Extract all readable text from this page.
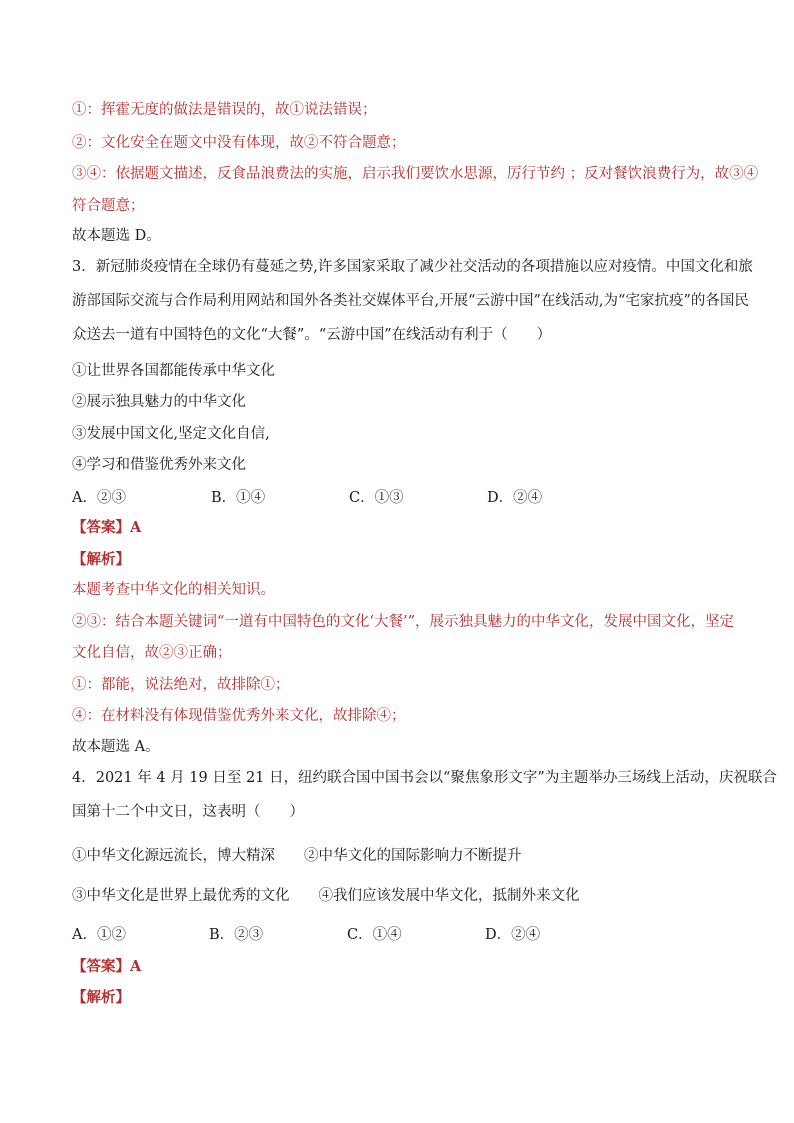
①：挥霍无度的做法是错误的，故①说法错误；
②：文化安全在题文中没有体现，故②不符合题意；
③④：依据题文描述，反食品浪费法的实施，启示我们要饮水思源，厉行节约 ；反对餐饮浪费行为，故③④
符合题意；
故本题选 D。
3．新冠肺炎疫情在全球仍有蔓延之势,许多国家采取了减少社交活动的各项措施以应对疫情。中国文化和旅
游部国际交流与合作局利用网站和国外各类社交媒体平台,开展“云游中国”在线活动,为“宅家抗疫”的各国民
众送去一道有中国特色的文化“大餐”。“云游中国”在线活动有利于（　　）
①让世界各国都能传承中华文化
②展示独具魅力的中华文化
③发展中国文化,坚定文化自信,
④学习和借鉴优秀外来文化
A．②③	B．①④	C．①③	D．②④
【答案】A
【解析】
本题考查中华文化的相关知识。
②③：结合本题关键词“一道有中国特色的文化‘大餐’”，展示独具魅力的中华文化，发展中国文化，坚定
文化自信，故②③正确；
①：都能，说法绝对，故排除①；
④：在材料没有体现借鉴优秀外来文化，故排除④；
故本题选 A。
4．2021 年 4 月 19 日至 21 日，纽约联合国中国书会以“聚焦象形文字”为主题举办三场线上活动，庆祝联合
国第十二个中文日，这表明（　　）
①中华文化源远流长，博大精深　　②中华文化的国际影响力不断提升
③中华文化是世界上最优秀的文化　　④我们应该发展中华文化，抵制外来文化
A．①②	B．②③	C．①④	D．②④
【答案】A
【解析】
